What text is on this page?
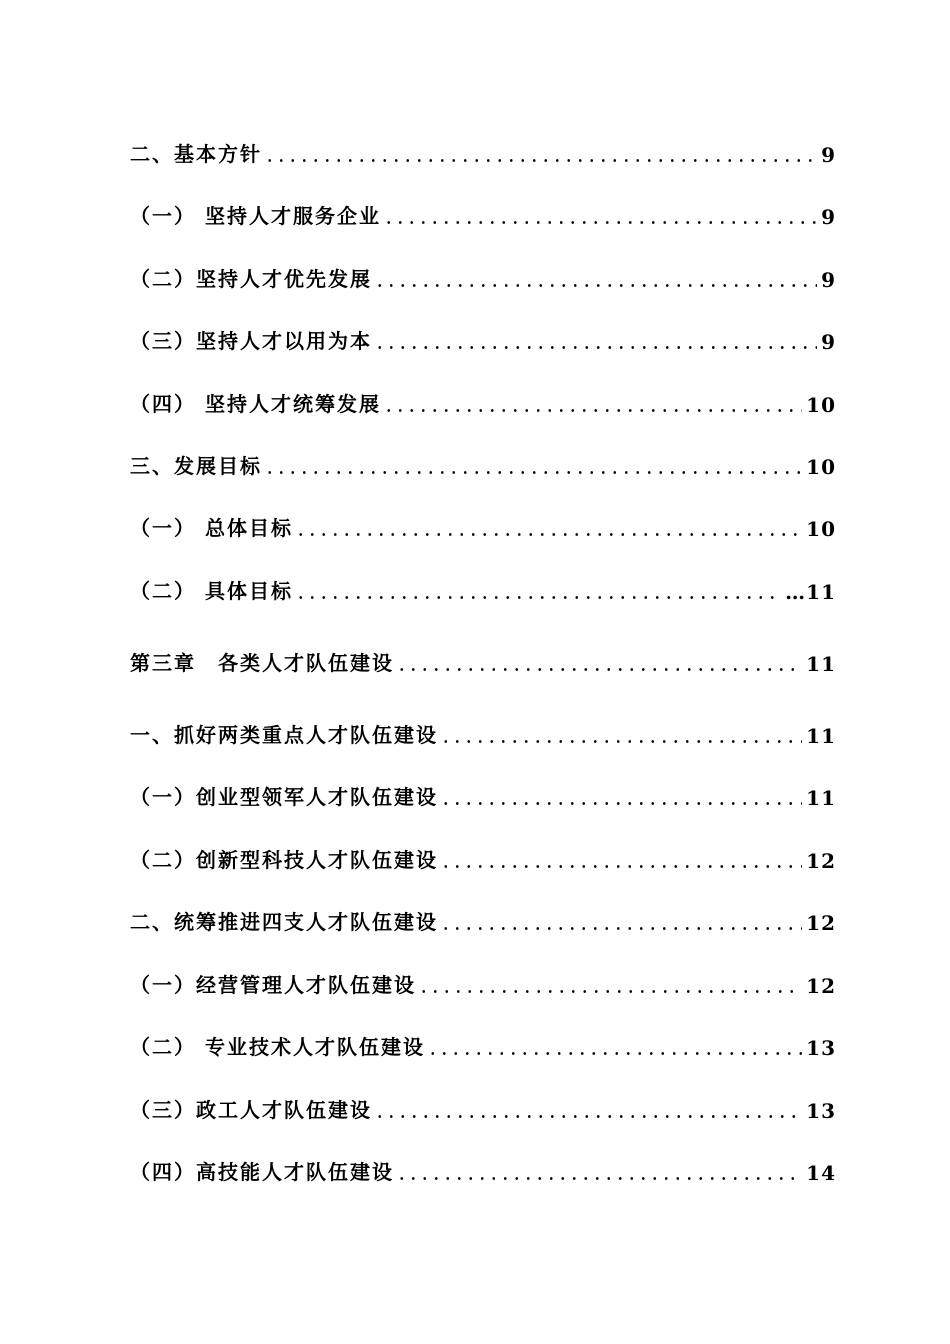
二、基本方针	9
（一） 坚持人才服务企业	9
（二）坚持人才优先发展	9
（三）坚持人才以用为本	9
（四） 坚持人才统筹发展	10
三、发展目标	10
（一） 总体目标	10
（二） 具体目标	…11
第三章　各类人才队伍建设	11
一、抓好两类重点人才队伍建设	11
（一）创业型领军人才队伍建设	11
（二）创新型科技人才队伍建设	12
二、统筹推进四支人才队伍建设	12
（一）经营管理人才队伍建设	12
（二） 专业技术人才队伍建设	13
（三）政工人才队伍建设	13
（四）高技能人才队伍建设	14
